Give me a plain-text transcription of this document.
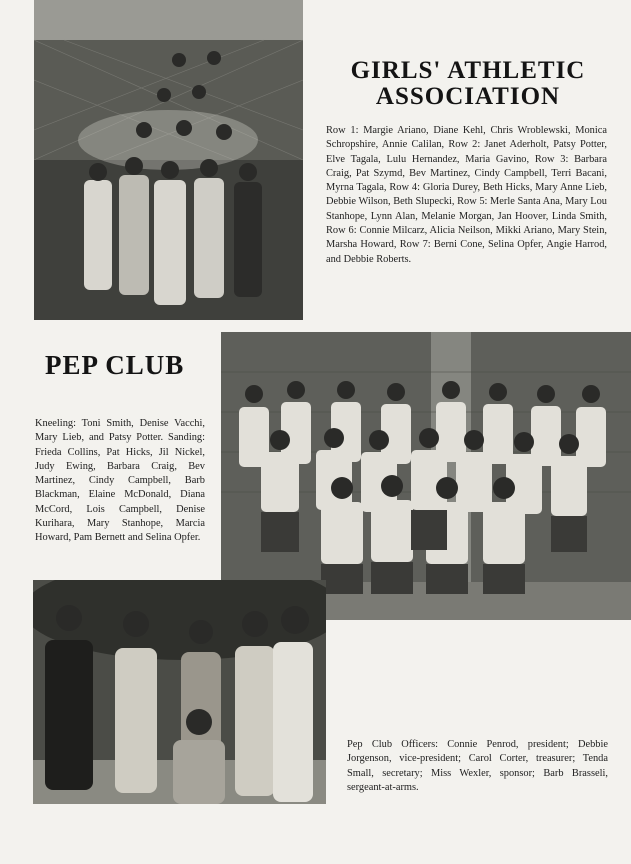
GIRLS' ATHLETIC
ASSOCIATION

Row 1: Margie Ariano, Diane Kehl, Chris Wroblewski, Monica Schropshire, Annie Calilan, Row 2: Janet Aderholt, Patsy Potter, Elve Tagala, Lulu Hernandez, Maria Gavino, Row 3: Barbara Craig, Pat Szymd, Bev Martinez, Cindy Campbell, Terri Bacani, Myrna Tagala, Row 4: Gloria Durey, Beth Hicks, Mary Anne Lieb, Debbie Wilson, Beth Slupecki, Row 5: Merle Santa Ana, Mary Lou Stanhope, Lynn Alan, Melanie Morgan, Jan Hoover, Linda Smith, Row 6: Connie Milcarz, Alicia Neilson, Mikki Ariano, Mary Stein, Marsha Howard, Row 7: Berni Cone, Selina Opfer, Angie Harrod, and Debbie Roberts.

PEP CLUB

Kneeling: Toni Smith, Denise Vacchi, Mary Lieb, and Patsy Potter. Sanding: Frieda Collins, Pat Hicks, Jil Nickel, Judy Ewing, Barbara Craig, Bev Martinez, Cindy Campbell, Barb Blackman, Elaine McDonald, Diana McCord, Lois Campbell, Denise Kurihara, Mary Stanhope, Marcia Howard, Pam Bernett and Selina Opfer.

Pep Club Officers: Connie Penrod, president; Debbie Jorgenson, vice-president; Carol Corter, treasurer; Tenda Small, secretary; Miss Wexler, sponsor; Barb Brasseli, sergeant-at-arms.
